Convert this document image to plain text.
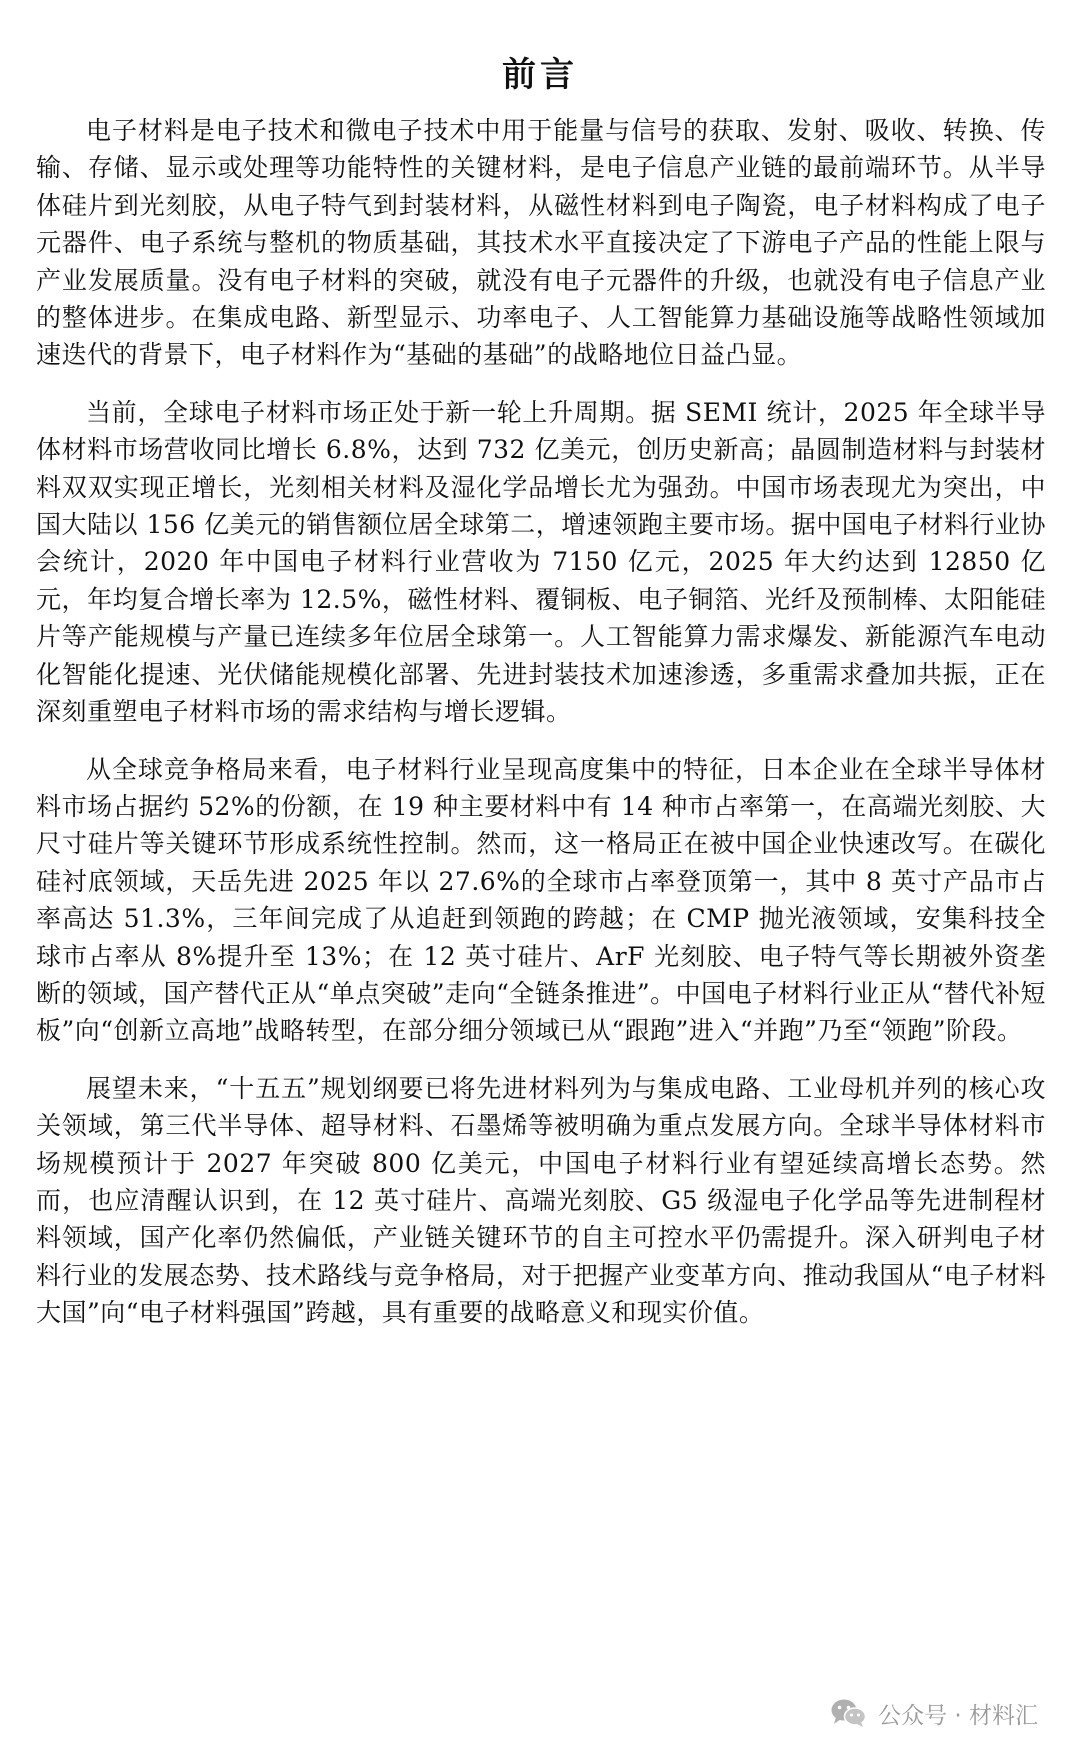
前言

电子材料是电子技术和微电子技术中用于能量与信号的获取、发射、吸收、转换、传输、存储、显示或处理等功能特性的关键材料，是电子信息产业链的最前端环节。从半导体硅片到光刻胶，从电子特气到封装材料，从磁性材料到电子陶瓷，电子材料构成了电子元器件、电子系统与整机的物质基础，其技术水平直接决定了下游电子产品的性能上限与产业发展质量。没有电子材料的突破，就没有电子元器件的升级，也就没有电子信息产业的整体进步。在集成电路、新型显示、功率电子、人工智能算力基础设施等战略性领域加速迭代的背景下，电子材料作为“基础的基础”的战略地位日益凸显。

当前，全球电子材料市场正处于新一轮上升周期。据 SEMI 统计，2025 年全球半导体材料市场营收同比增长 6.8%，达到 732 亿美元，创历史新高；晶圆制造材料与封装材料双双实现正增长，光刻相关材料及湿化学品增长尤为强劲。中国市场表现尤为突出，中国大陆以 156 亿美元的销售额位居全球第二，增速领跑主要市场。据中国电子材料行业协会统计，2020 年中国电子材料行业营收为 7150 亿元，2025 年大约达到 12850 亿元，年均复合增长率为 12.5%，磁性材料、覆铜板、电子铜箔、光纤及预制棒、太阳能硅片等产能规模与产量已连续多年位居全球第一。人工智能算力需求爆发、新能源汽车电动化智能化提速、光伏储能规模化部署、先进封装技术加速渗透，多重需求叠加共振，正在深刻重塑电子材料市场的需求结构与增长逻辑。

从全球竞争格局来看，电子材料行业呈现高度集中的特征，日本企业在全球半导体材料市场占据约 52%的份额，在 19 种主要材料中有 14 种市占率第一，在高端光刻胶、大尺寸硅片等关键环节形成系统性控制。然而，这一格局正在被中国企业快速改写。在碳化硅衬底领域，天岳先进 2025 年以 27.6%的全球市占率登顶第一，其中 8 英寸产品市占率高达 51.3%，三年间完成了从追赶到领跑的跨越；在 CMP 抛光液领域，安集科技全球市占率从 8%提升至 13%；在 12 英寸硅片、ArF 光刻胶、电子特气等长期被外资垄断的领域，国产替代正从“单点突破”走向“全链条推进”。中国电子材料行业正从“替代补短板”向“创新立高地”战略转型，在部分细分领域已从“跟跑”进入“并跑”乃至“领跑”阶段。

展望未来，“十五五”规划纲要已将先进材料列为与集成电路、工业母机并列的核心攻关领域，第三代半导体、超导材料、石墨烯等被明确为重点发展方向。全球半导体材料市场规模预计于 2027 年突破 800 亿美元，中国电子材料行业有望延续高增长态势。然而，也应清醒认识到，在 12 英寸硅片、高端光刻胶、G5 级湿电子化学品等先进制程材料领域，国产化率仍然偏低，产业链关键环节的自主可控水平仍需提升。深入研判电子材料行业的发展态势、技术路线与竞争格局，对于把握产业变革方向、推动我国从“电子材料大国”向“电子材料强国”跨越，具有重要的战略意义和现实价值。

公众号 · 材料汇
